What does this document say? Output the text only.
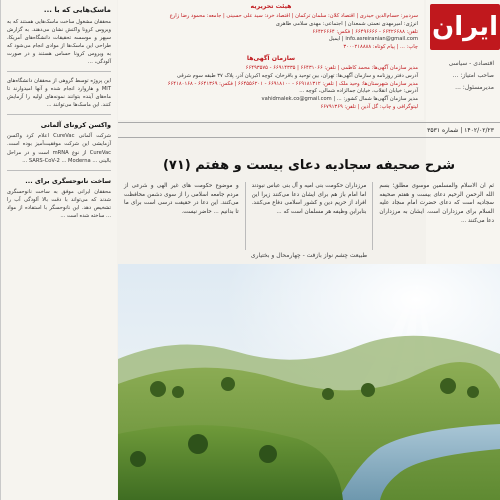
ماسک‌هایی که با ...
محققان مشغول ساخت ماسک‌هایی هستند که به ویروس کرونا واکنش نشان می‌دهند. به گزارش سپهر و موسسه تحقیقات دانشگاه‌های آمریکا، طراحی این ماسک‌ها از موادی انجام می‌شود که به ویروس کرونا حساس هستند و در صورت آلودگی، ...
این پروژه توسط گروهی از محققان دانشگاه‌های MIT و هاروارد انجام شده و آنها امیدوارند تا ماه‌های آینده بتوانند نمونه‌های اولیه را آزمایش کنند. این ماسک‌ها می‌توانند ...
واکسن کرونای آلمانی
شرکت آلمانی CureVac اعلام کرد واکسن آزمایشی این شرکت موفقیت‌آمیز بوده است. CureVac از نوع mRNA است و در مراحل بالینی ... SARS-CoV-2 ... Moderna ...
ساخت نانوحسگری برای ...
محققان ایرانی موفق به ساخت نانوحسگری شدند که می‌تواند با دقت بالا آلودگی آب را تشخیص دهد. این نانوحسگر با استفاده از مواد ... ساخته شده است ...
هیئت تحریریه
سردبیر: حسام‌الدین حیدری | اقتصاد کلان: سلمان ترکمان | اقتصاد خرد: سید علی حسینی | جامعه: محمود رضا زارع
انرژی: امیرمهدی نعمتی شمعدان | اجتماعی: مهدی سلامی طاهری
تلفن: ۶۶۴۲۶۶۸۸ - ۶۶۴۹۶۶۶۶ | فکس: ۶۶۴۲۶۶۶۴
info.asreiranian@gmail.com | ایمیل
چاپ: ... | پیام کوتاه: ۳۰۰۰۲۱۸۸۸۸
سازمان آگهی‌ها
مدیر سازمان آگهی‌ها: محمد کاظمی | تلفن: ۶۶۴۳۱۰۶۶ | ۶۶۹۱۴۳۳۵ - ۶۶۴۹۳۵۷۵
آدرس دفتر روزنامه و سازمان آگهی‌ها: تهران، بین توحید و باقرخان، کوچه اکبریان آذر، پلاک ۳۷ طبقه سوم شرقی
مدیر سازمان شهرستان‌ها: وحید ملک | تلفن: ۶۶۹۱۸۱۳۱۲ - ۶۶۹۱۸۱۰۰ - ۶۶۴۵۵۶۲۰۱ | فکس: ۶۶۴۱۳۶۹ - ۶۶۴۱۸۰۱۶۸
آدرس: خیابان انقلاب، خیابان جمالزاده شمالی، کوچه ...
مدیر سازمان آگهی‌ها شمال کشور: ... | vahidmalek.co@gmail.com
لیتوگرافی و چاپ: گل آذین | تلفن: ۶۶۷۹۱۳۶۹
ایران
اقتصادی - سیاسی
صاحب امتیاز: ...
مدیرمسئول: ...
۱۴۰۲/۰۲/۲۳ | شماره ۳۵۳۱
شرح صحیفه سجادیه دعای بیست و هفتم (۷۱)
ثم ان الاسلام والمسلمین موسوی مطلق؛ بسم الله الرحمن الرحیم دعای بیست و هفتم صحیفه سجادیه است که دعای حضرت امام سجاد علیه السلام برای مرزداران است. ایشان به مرزداران دعا می‌کنند ...
مرزداران حکومت بنی امیه و آل بنی عباس نبودند اما امام باز هم برای ایشان دعا می‌کنند زیرا این افراد از حریم دین و کشور اسلامی دفاع می‌کنند. بنابراین وظیفه هر مسلمان است که ...
و موضوع حکومت های غیر الهی و شرعی از مردم جامعه اسلامی را از سوی دشمن محافظت می‌کنند. این دعا در حقیقت درسی است برای ما تا بدانیم ... حاضر نیست.
طبیعت چشم نواز بازفت - چهارمحال و بختیاری
